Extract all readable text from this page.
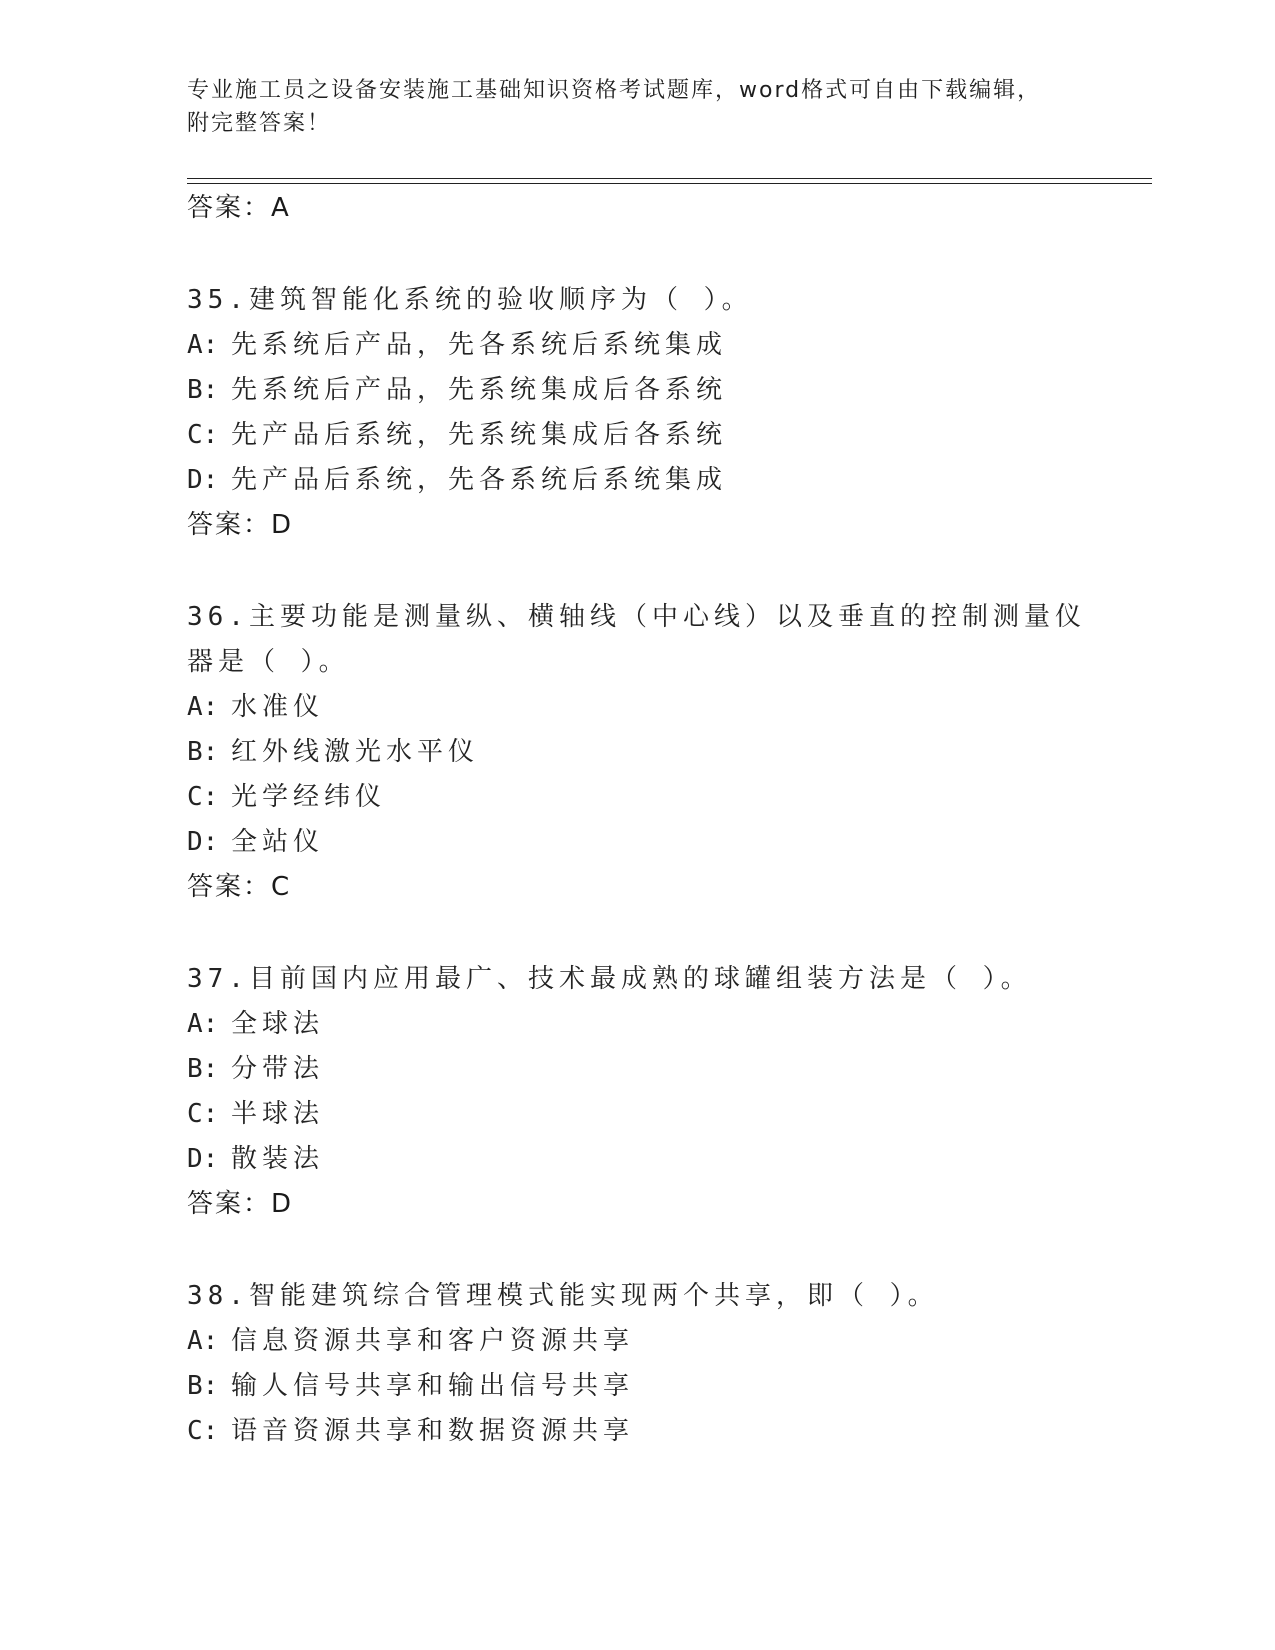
专业施工员之设备安装施工基础知识资格考试题库，word格式可自由下载编辑，
附完整答案！
答案：A
35.建筑智能化系统的验收顺序为（ ）。
A: 先系统后产品，先各系统后系统集成
B: 先系统后产品，先系统集成后各系统
C: 先产品后系统，先系统集成后各系统
D: 先产品后系统，先各系统后系统集成
答案：D
36.主要功能是测量纵、横轴线（中心线）以及垂直的控制测量仪器是（ ）。
A: 水准仪
B: 红外线激光水平仪
C: 光学经纬仪
D: 全站仪
答案：C
37.目前国内应用最广、技术最成熟的球罐组装方法是（ ）。
A: 全球法
B: 分带法
C: 半球法
D: 散装法
答案：D
38.智能建筑综合管理模式能实现两个共享，即（ ）。
A: 信息资源共享和客户资源共享
B: 输人信号共享和输出信号共享
C: 语音资源共享和数据资源共享
